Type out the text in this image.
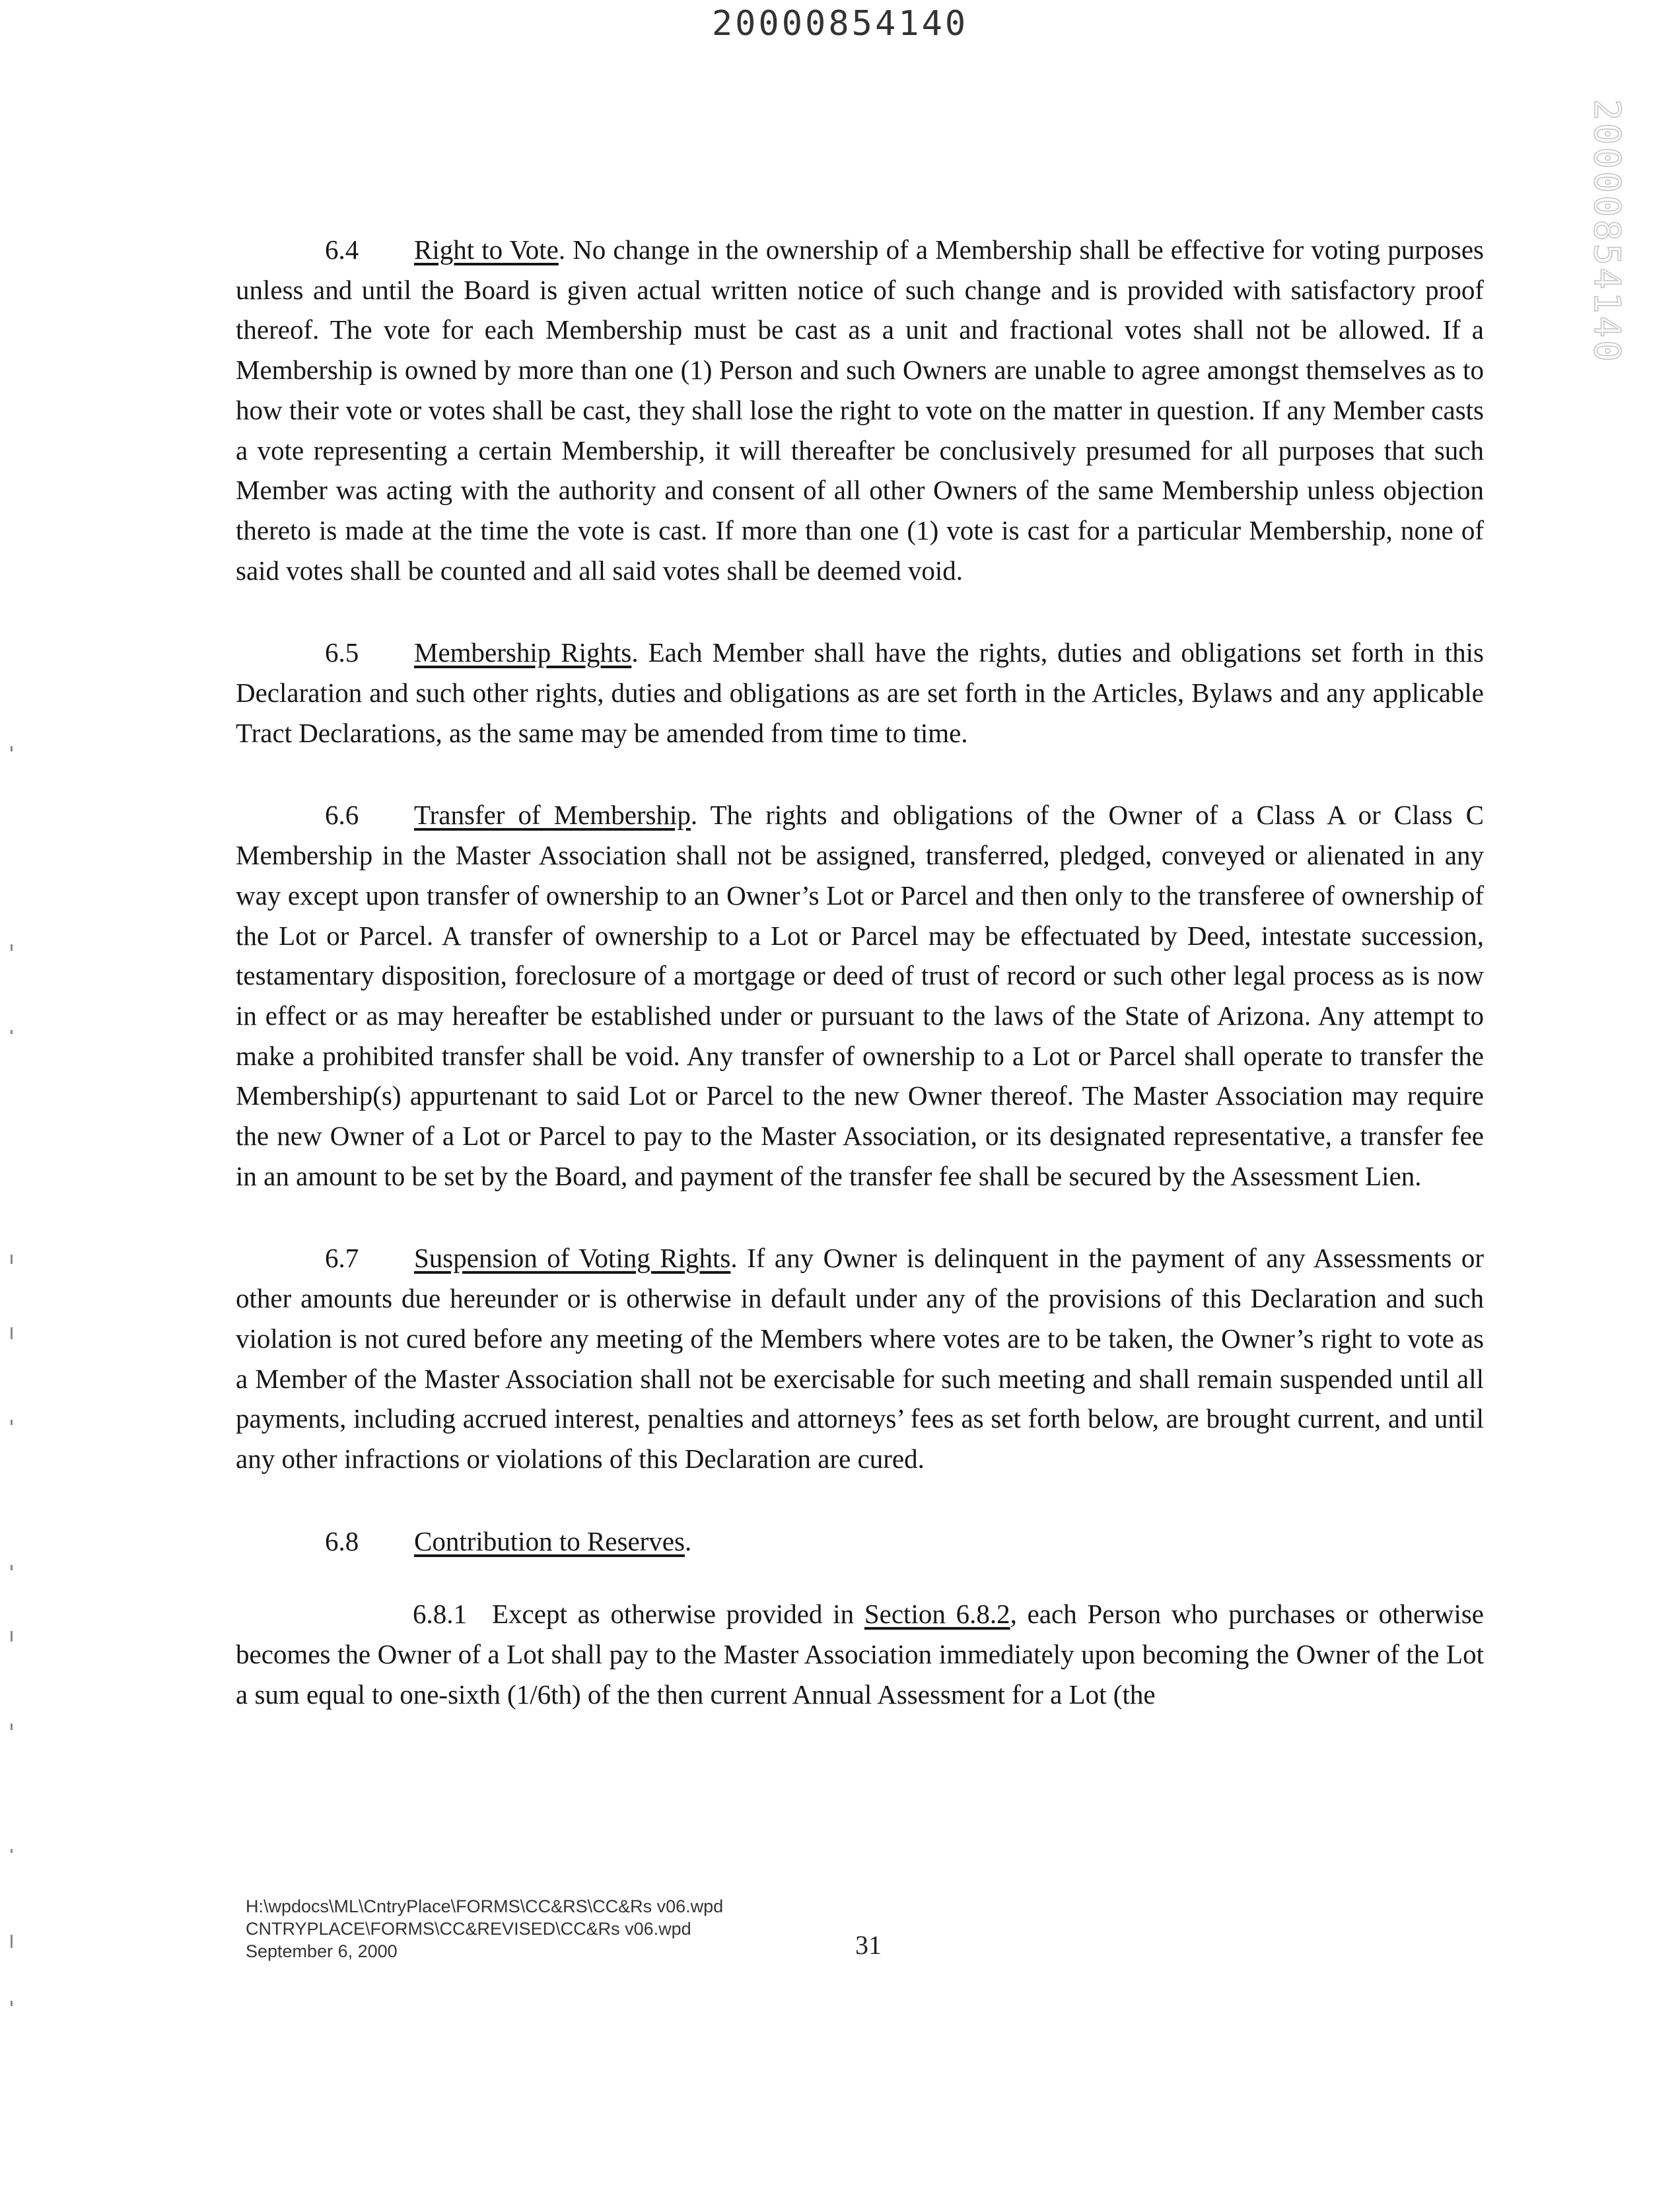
20000854140
20000854140

6.4 Right to Vote. No change in the ownership of a Membership shall be effective for voting purposes unless and until the Board is given actual written notice of such change and is provided with satisfactory proof thereof. The vote for each Membership must be cast as a unit and fractional votes shall not be allowed. If a Membership is owned by more than one (1) Person and such Owners are unable to agree amongst themselves as to how their vote or votes shall be cast, they shall lose the right to vote on the matter in question. If any Member casts a vote representing a certain Membership, it will thereafter be conclusively presumed for all purposes that such Member was acting with the authority and consent of all other Owners of the same Membership unless objection thereto is made at the time the vote is cast. If more than one (1) vote is cast for a particular Membership, none of said votes shall be counted and all said votes shall be deemed void.

6.5 Membership Rights. Each Member shall have the rights, duties and obligations set forth in this Declaration and such other rights, duties and obligations as are set forth in the Articles, Bylaws and any applicable Tract Declarations, as the same may be amended from time to time.

6.6 Transfer of Membership. The rights and obligations of the Owner of a Class A or Class C Membership in the Master Association shall not be assigned, transferred, pledged, conveyed or alienated in any way except upon transfer of ownership to an Owner’s Lot or Parcel and then only to the transferee of ownership of the Lot or Parcel. A transfer of ownership to a Lot or Parcel may be effectuated by Deed, intestate succession, testamentary disposition, foreclosure of a mortgage or deed of trust of record or such other legal process as is now in effect or as may hereafter be established under or pursuant to the laws of the State of Arizona. Any attempt to make a prohibited transfer shall be void. Any transfer of ownership to a Lot or Parcel shall operate to transfer the Membership(s) appurtenant to said Lot or Parcel to the new Owner thereof. The Master Association may require the new Owner of a Lot or Parcel to pay to the Master Association, or its designated representative, a transfer fee in an amount to be set by the Board, and payment of the transfer fee shall be secured by the Assessment Lien.

6.7 Suspension of Voting Rights. If any Owner is delinquent in the payment of any Assessments or other amounts due hereunder or is otherwise in default under any of the provisions of this Declaration and such violation is not cured before any meeting of the Members where votes are to be taken, the Owner’s right to vote as a Member of the Master Association shall not be exercisable for such meeting and shall remain suspended until all payments, including accrued interest, penalties and attorneys’ fees as set forth below, are brought current, and until any other infractions or violations of this Declaration are cured.

6.8 Contribution to Reserves.

6.8.1 Except as otherwise provided in Section 6.8.2, each Person who purchases or otherwise becomes the Owner of a Lot shall pay to the Master Association immediately upon becoming the Owner of the Lot a sum equal to one-sixth (1/6th) of the then current Annual Assessment for a Lot (the

H:\wpdocs\ML\CntryPlace\FORMS\CC&RS\CC&Rs v06.wpd
CNTRYPLACE\FORMS\CC&REVISED\CC&Rs v06.wpd
September 6, 2000	31
